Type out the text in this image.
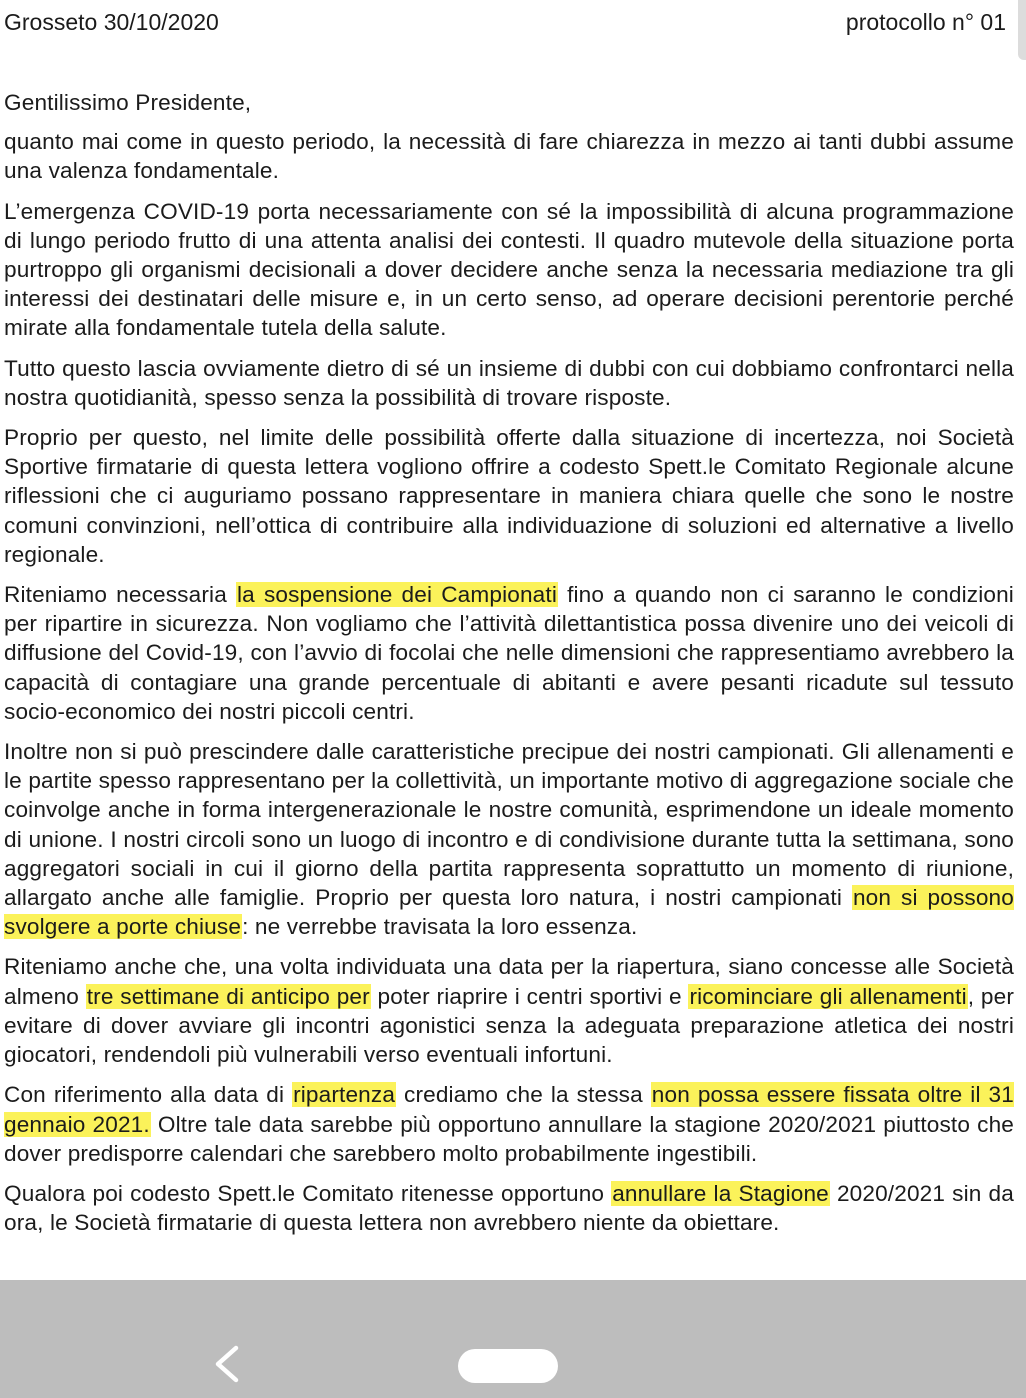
Grosseto 30/10/2020	protocollo n° 01

Gentilissimo Presidente,

quanto mai come in questo periodo, la necessità di fare chiarezza in mezzo ai tanti dubbi assume una valenza fondamentale.

L’emergenza COVID-19 porta necessariamente con sé la impossibilità di alcuna programmazione di lungo periodo frutto di una attenta analisi dei contesti. Il quadro mutevole della situazione porta purtroppo gli organismi decisionali a dover decidere anche senza la necessaria mediazione tra gli interessi dei destinatari delle misure e, in un certo senso, ad operare decisioni perentorie perché mirate alla fondamentale tutela della salute.

Tutto questo lascia ovviamente dietro di sé un insieme di dubbi con cui dobbiamo confrontarci nella nostra quotidianità, spesso senza la possibilità di trovare risposte.

Proprio per questo, nel limite delle possibilità offerte dalla situazione di incertezza, noi Società Sportive firmatarie di questa lettera vogliono offrire a codesto Spett.le Comitato Regionale alcune riflessioni che ci auguriamo possano rappresentare in maniera chiara quelle che sono le nostre comuni convinzioni, nell’ottica di contribuire alla individuazione di soluzioni ed alternative a livello regionale.

Riteniamo necessaria la sospensione dei Campionati fino a quando non ci saranno le condizioni per ripartire in sicurezza. Non vogliamo che l’attività dilettantistica possa divenire uno dei veicoli di diffusione del Covid-19, con l’avvio di focolai che nelle dimensioni che rappresentiamo avrebbero la capacità di contagiare una grande percentuale di abitanti e avere pesanti ricadute sul tessuto socio-economico dei nostri piccoli centri.

Inoltre non si può prescindere dalle caratteristiche precipue dei nostri campionati. Gli allenamenti e le partite spesso rappresentano per la collettività, un importante motivo di aggregazione sociale che coinvolge anche in forma intergenerazionale le nostre comunità, esprimendone un ideale momento di unione. I nostri circoli sono un luogo di incontro e di condivisione durante tutta la settimana, sono aggregatori sociali in cui il giorno della partita rappresenta soprattutto un momento di riunione, allargato anche alle famiglie. Proprio per questa loro natura, i nostri campionati non si possono svolgere a porte chiuse: ne verrebbe travisata la loro essenza.

Riteniamo anche che, una volta individuata una data per la riapertura, siano concesse alle Società almeno tre settimane di anticipo per poter riaprire i centri sportivi e ricominciare gli allenamenti, per evitare di dover avviare gli incontri agonistici senza la adeguata preparazione atletica dei nostri giocatori, rendendoli più vulnerabili verso eventuali infortuni.

Con riferimento alla data di ripartenza crediamo che la stessa non possa essere fissata oltre il 31 gennaio 2021. Oltre tale data sarebbe più opportuno annullare la stagione 2020/2021 piuttosto che dover predisporre calendari che sarebbero molto probabilmente ingestibili.

Qualora poi codesto Spett.le Comitato ritenesse opportuno annullare la Stagione 2020/2021 sin da ora, le Società firmatarie di questa lettera non avrebbero niente da obiettare.
